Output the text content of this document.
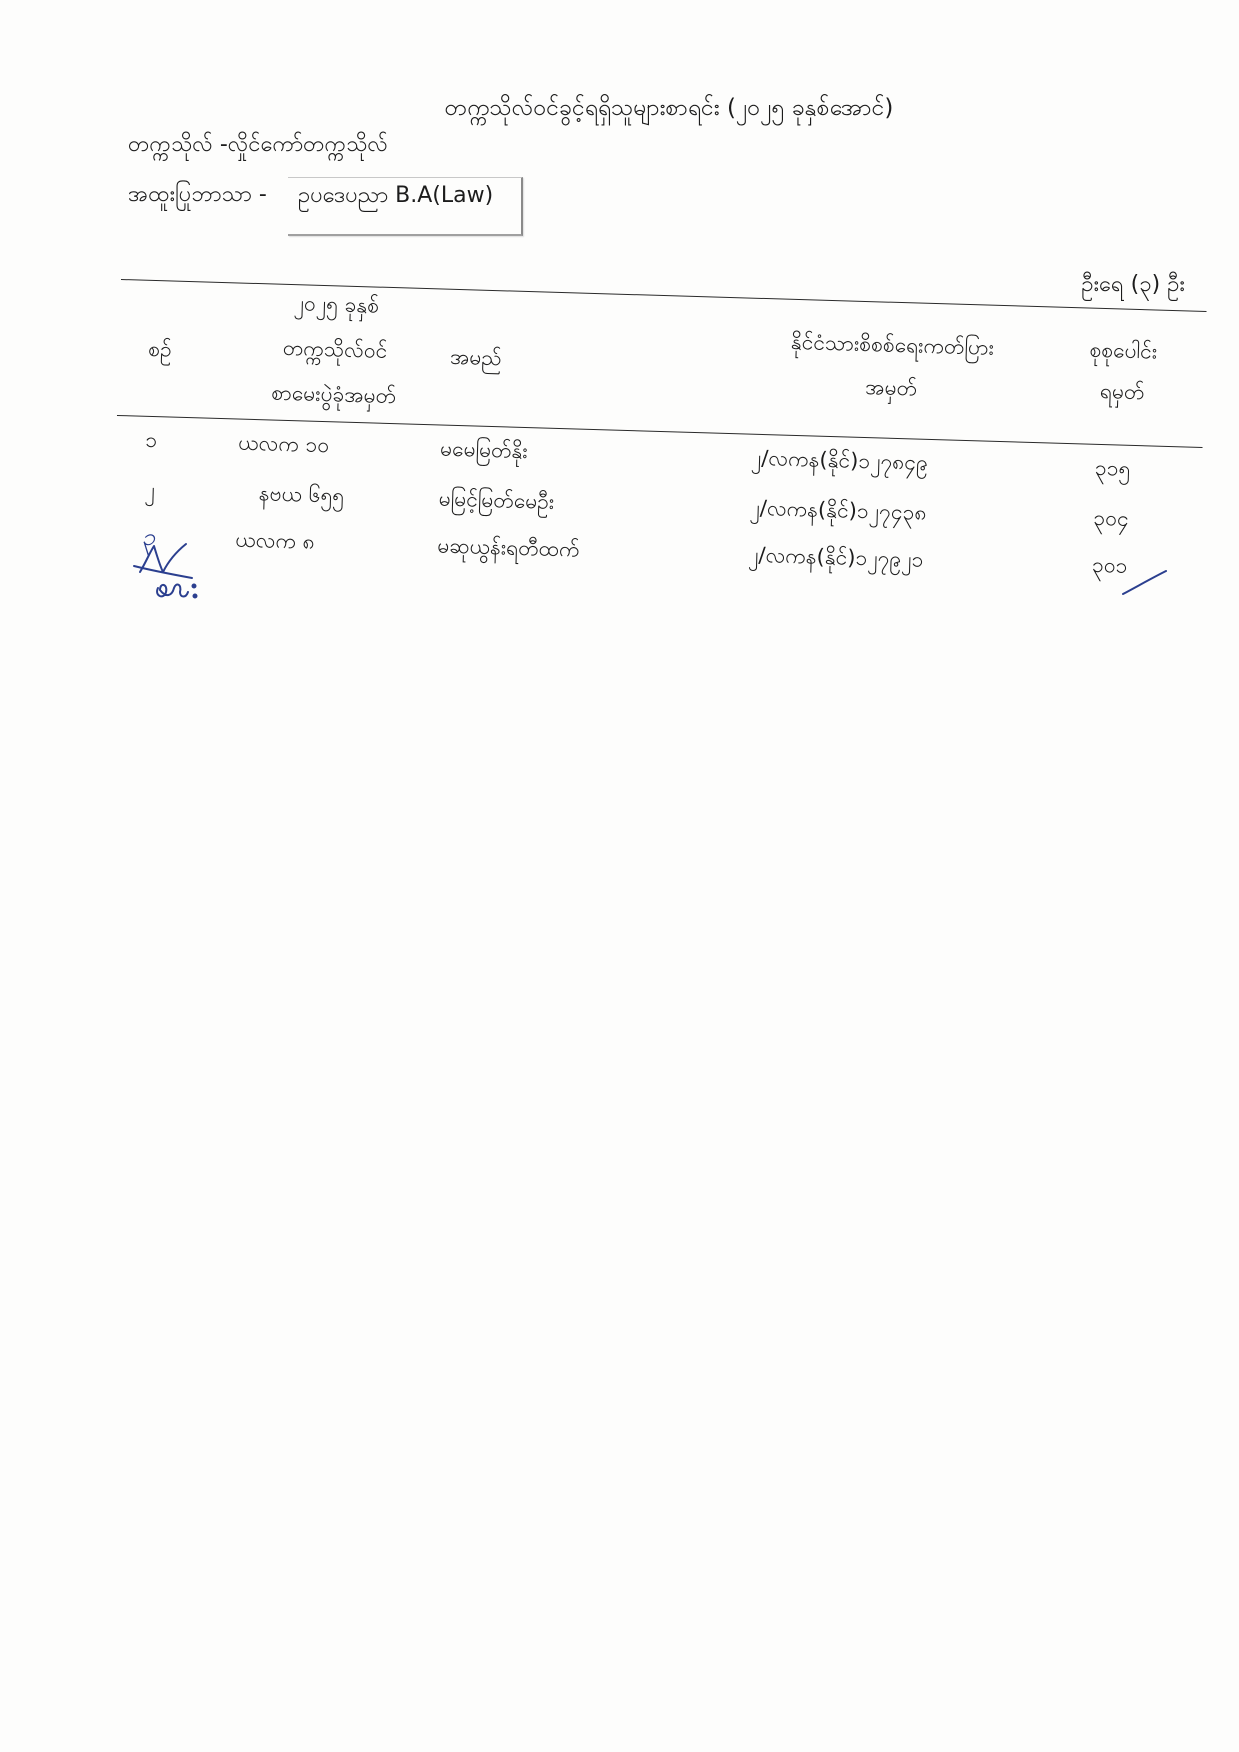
တက္ကသိုလ်ဝင်ခွင့်ရရှိသူများစာရင်း (၂၀၂၅ ခုနှစ်အောင်)
တက္ကသိုလ် -လှိုင်ကော်တက္ကသိုလ်
အထူးပြုဘာသာ - ဥပဒေပညာ B.A(Law)
ဦးရေ (၃) ဦး
စဉ်
၂၀၂၅ ခုနှစ်
တက္ကသိုလ်ဝင်
စာမေးပွဲခုံအမှတ်
အမည်	နိုင်ငံသားစိစစ်ရေးကတ်ပြား
အမှတ်
စုစုပေါင်း
ရမှတ်
၁	ယလက ၁၀	မမေမြတ်နိုး	၂/လကန(နိုင်)၁၂၇၈၄၉	၃၁၅
၂	နဗယ ၆၅၅	မမြင့်မြတ်မေဦး	၂/လကန(နိုင်)၁၂၇၄၃၈	၃၀၄
၃	ယလက ၈	မဆုယွန်းရတီထက်	၂/လကန(နိုင်)၁၂၇၉၂၁	၃၀၁
